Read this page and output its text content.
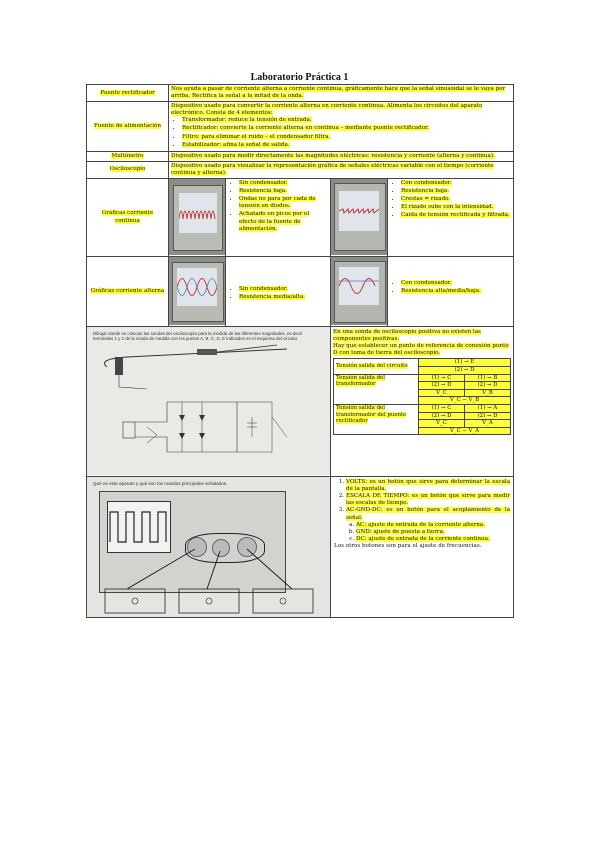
Laboratorio Práctica 1
Puente rectificador	Nos ayuda a pasar de corriente alterna a corriente continua, gráficamente hace que la señal sinusoidal se le vaya por arriba. Rectifica la señal a la mitad de la onda.
Fuente de alimentación	Dispositivo usado para convertir la corriente alterna en corriente continua. Alimenta los circuitos del aparato electrónico. Consta de 4 elementos:
• Transformador: reduce la tensión de entrada.
• Rectificador: convierte la corriente alterna en continua – mediante puente rectificador.
• Filtro: para eliminar el ruido – el condensador filtra.
• Estabilizador: afina la señal de salida.

Multímetro	Dispositivo usado para medir directamente las magnitudes eléctricas: resistencia y corriente (alterna y continua).
Osciloscopio	Dispositivo usado para visualizar la representación gráfica de señales eléctricas variable con el tiempo (corriente continua y alterna).
Gráficas corriente continua	

• Sin condensador.
• Resistencia baja.
• Ondas no para por cada de tensión en diodos.
• Achatado en picos por el efecto de la fuente de alimentación.

• Con condensador.
• Resistencia baja.
• Crestas = rizado.
• El rizado sube con la intensidad.
• Caída de tensión rectificada y filtrada.

Gráficas corriente alterna	

•Sin condensador.
• Resistencia media/alta.

• Con condensador.
• Resistencia alta/media/baja.

Dibujar donde se colocan las sondas del osciloscopio para la medida de las diferentes magnitudes, es decir terminales 1 y 2 de la sonda de medida con los puntos A, B, C, D, E indicados en el esquema del circuito.

En una sonda de osciloscopio positiva no existen las componentes positivas.
Hay que establecer un punto de referencia de conexión punto D con toma de tierra del osciloscopio.
Tensión salida del circuito	(1) → E
(2) → D
Tensión salida del transformador	(1) → C	(1) → B
(2) → D	(2) → D
V_C	V_B
V_C − V_B
Tensión salida del transformador del puente rectificador	(1) → C	(1) → A
(2) → D	(2) → D
V_C	V_A
V_C − V_A

Qué es este aparato y qué son los mandos principales señalados.

1.VOLTS: es un botón que sirve para determinar la escala de la pantalla.
2. ESCALA DE TIEMPO: es un botón que sirve para medir las escalas de tiempo.
3. AC-GND-DC: es un botón para el acoplamiento de la señal.
a. AC: ajuste de entrada de la corriente alterna.
b. GND: ajuste de puesta a tierra.
c. DC: ajuste de entrada de la corriente continua.
Los otros botones son para el ajuste de frecuencias.
